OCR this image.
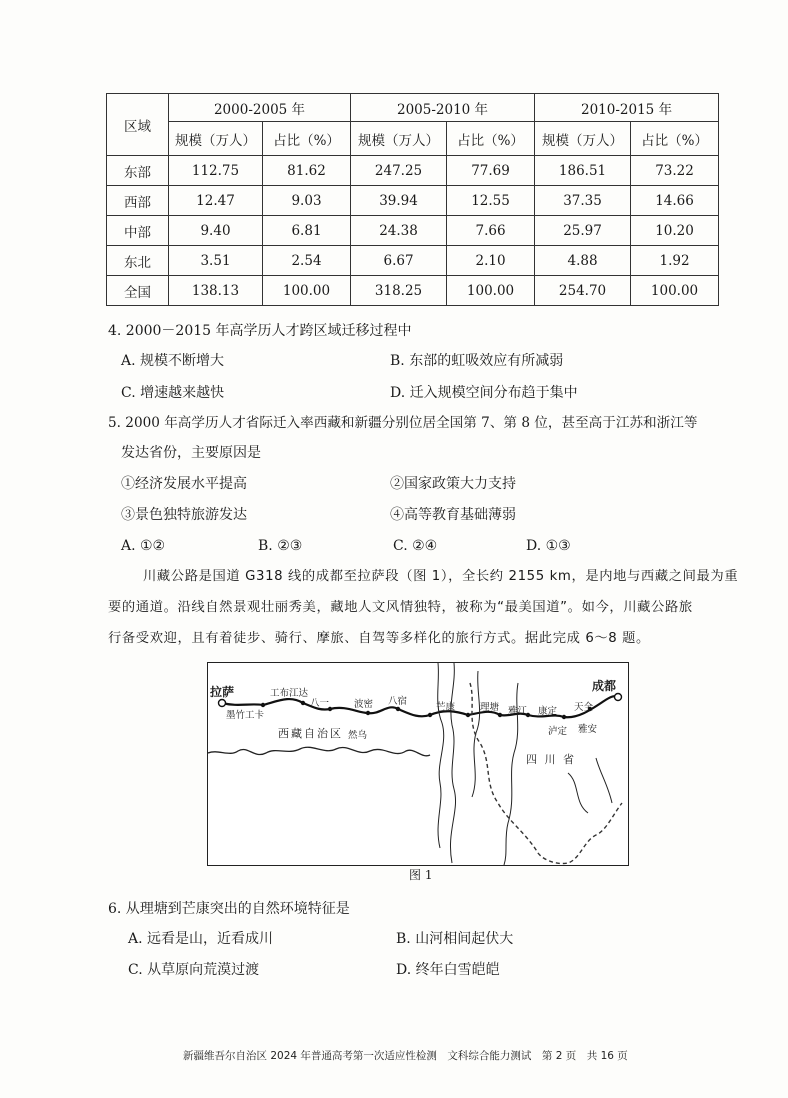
区域	2000-2005 年		2005-2010 年		2010-2015 年	
	规模（万人）	占比（%）	规模（万人）	占比（%）	规模（万人）	占比（%）
东部	112.75	81.62	247.25	77.69	186.51	73.22
西部	12.47	9.03	39.94	12.55	37.35	14.66
中部	9.40	6.81	24.38	7.66	25.97	10.20
东北	3.51	2.54	6.67	2.10	4.88	1.92
全国	138.13	100.00	318.25	100.00	254.70	100.00
4. 2000－2015 年高学历人才跨区域迁移过程中
A. 规模不断增大	B. 东部的虹吸效应有所减弱
C. 增速越来越快	D. 迁入规模空间分布趋于集中
5. 2000 年高学历人才省际迁入率西藏和新疆分别位居全国第 7、第 8 位，甚至高于江苏和浙江等
发达省份，主要原因是
①经济发展水平提高	②国家政策大力支持
③景色独特旅游发达	④高等教育基础薄弱
A. ①②	B. ②③	C. ②④	D. ①③
川藏公路是国道 G318 线的成都至拉萨段（图 1），全长约 2155 km，是内地与西藏之间最为重
要的通道。沿线自然景观壮丽秀美，藏地人文风情独特，被称为“最美国道”。如今，川藏公路旅
行备受欢迎，且有着徒步、骑行、摩旅、自驾等多样化的旅行方式。据此完成 6～8 题。
拉萨
墨竹工卡
工布江达
八一	波密 八宿
然乌
芒康	理塘 雅江 康定
泸定
天全
雅安
成都
西藏自治区
四 川 省
图 1
6. 从理塘到芒康突出的自然环境特征是
A. 远看是山，近看成川	B. 山河相间起伏大
C. 从草原向荒漠过渡	D. 终年白雪皑皑
新疆维吾尔自治区 2024 年普通高考第一次适应性检测　文科综合能力测试　第 2 页　共 16 页
